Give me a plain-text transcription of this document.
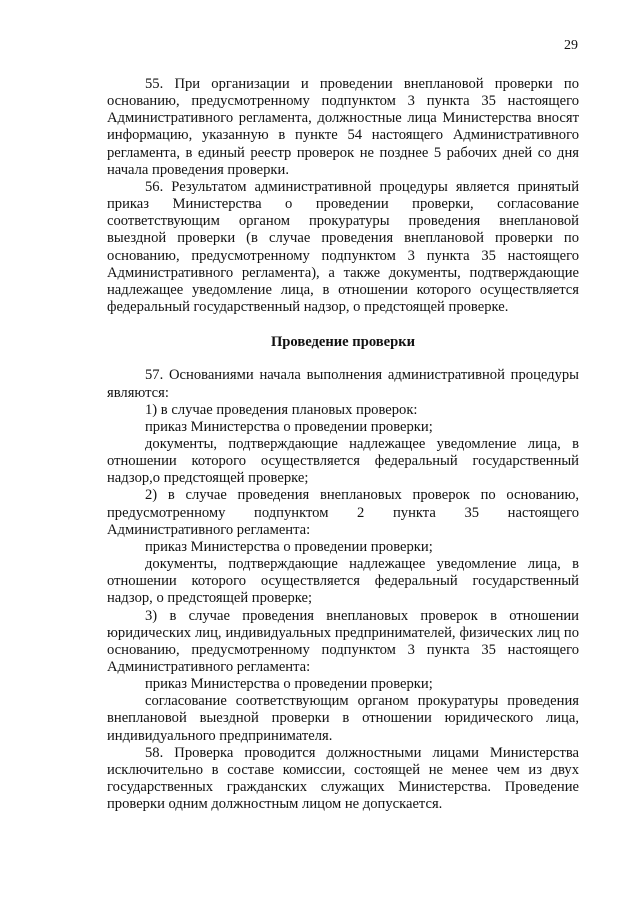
29

55. При организации и проведении внеплановой проверки по основанию, предусмотренному подпунктом 3 пункта 35 настоящего Административного регламента, должностные лица Министерства вносят информацию, указанную в пункте 54 настоящего Административного регламента, в единый реестр проверок не позднее 5 рабочих дней со дня начала проведения проверки.

56. Результатом административной процедуры является принятый приказ Министерства о проведении проверки, согласование соответствующим органом прокуратуры проведения внеплановой выездной проверки (в случае проведения внеплановой проверки по основанию, предусмотренному подпунктом 3 пункта 35 настоящего Административного регламента), а также документы, подтверждающие надлежащее уведомление лица, в отношении которого осуществляется федеральный государственный надзор, о предстоящей проверке.

Проведение проверки

57. Основаниями начала выполнения административной процедуры являются:

1) в случае проведения плановых проверок:

приказ Министерства о проведении проверки;

документы, подтверждающие надлежащее уведомление лица, в отношении которого осуществляется федеральный государственный надзор,о предстоящей проверке;

2) в случае проведения внеплановых проверок по основанию, предусмотренному подпунктом 2 пункта 35 настоящего Административного регламента:

приказ Министерства о проведении проверки;

документы, подтверждающие надлежащее уведомление лица, в отношении которого осуществляется федеральный государственный надзор, о предстоящей проверке;

3) в случае проведения внеплановых проверок в отношении юридических лиц, индивидуальных предпринимателей, физических лиц по основанию, предусмотренному подпунктом 3 пункта 35 настоящего Административного регламента:

приказ Министерства о проведении проверки;

согласование соответствующим органом прокуратуры проведения внеплановой выездной проверки в отношении юридического лица, индивидуального предпринимателя.

58. Проверка проводится должностными лицами Министерства исключительно в составе комиссии, состоящей не менее чем из двух государственных гражданских служащих Министерства. Проведение проверки одним должностным лицом не допускается.
